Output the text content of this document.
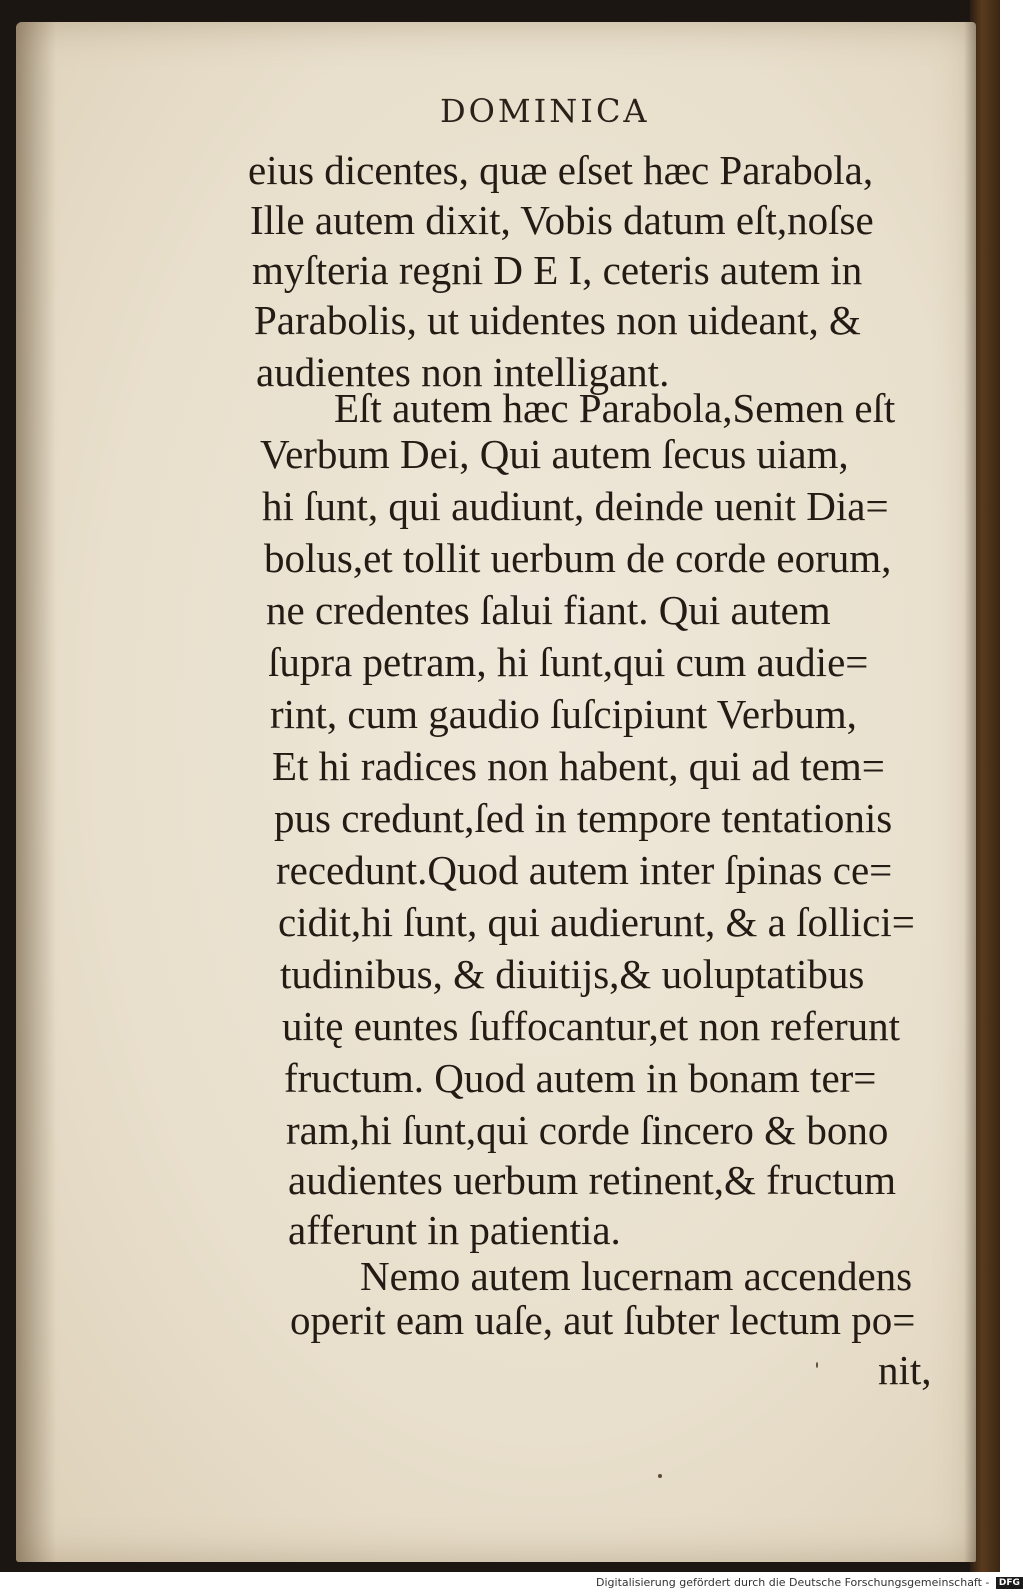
DOMINICA
eius dicentes, quæ eſset hæc Parabola,
Ille autem dixit, Vobis datum eſt,noſse
myſteria regni D E I, ceteris autem in
Parabolis, ut uidentes non uideant, &
audientes non intelligant.
Eſt autem hæc Parabola,Semen eſt
Verbum Dei, Qui autem ſecus uiam,
hi ſunt, qui audiunt, deinde uenit Dia=
bolus,et tollit uerbum de corde eorum,
ne credentes ſalui fiant. Qui autem
ſupra petram, hi ſunt,qui cum audie=
rint, cum gaudio ſuſcipiunt Verbum,
Et hi radices non habent, qui ad tem=
pus credunt,ſed in tempore tentationis
recedunt.Quod autem inter ſpinas ce=
cidit,hi ſunt, qui audierunt, & a ſollici=
tudinibus, & diuitijs,& uoluptatibus
uitę euntes ſuffocantur,et non referunt
fructum. Quod autem in bonam ter=
ram,hi ſunt,qui corde ſincero & bono
audientes uerbum retinent,& fructum
afferunt in patientia.
Nemo autem lucernam accendens
operit eam uaſe, aut ſubter lectum po=
nit,
Digitalisierung gefördert durch die Deutsche Forschungsgemeinschaft - DFG
